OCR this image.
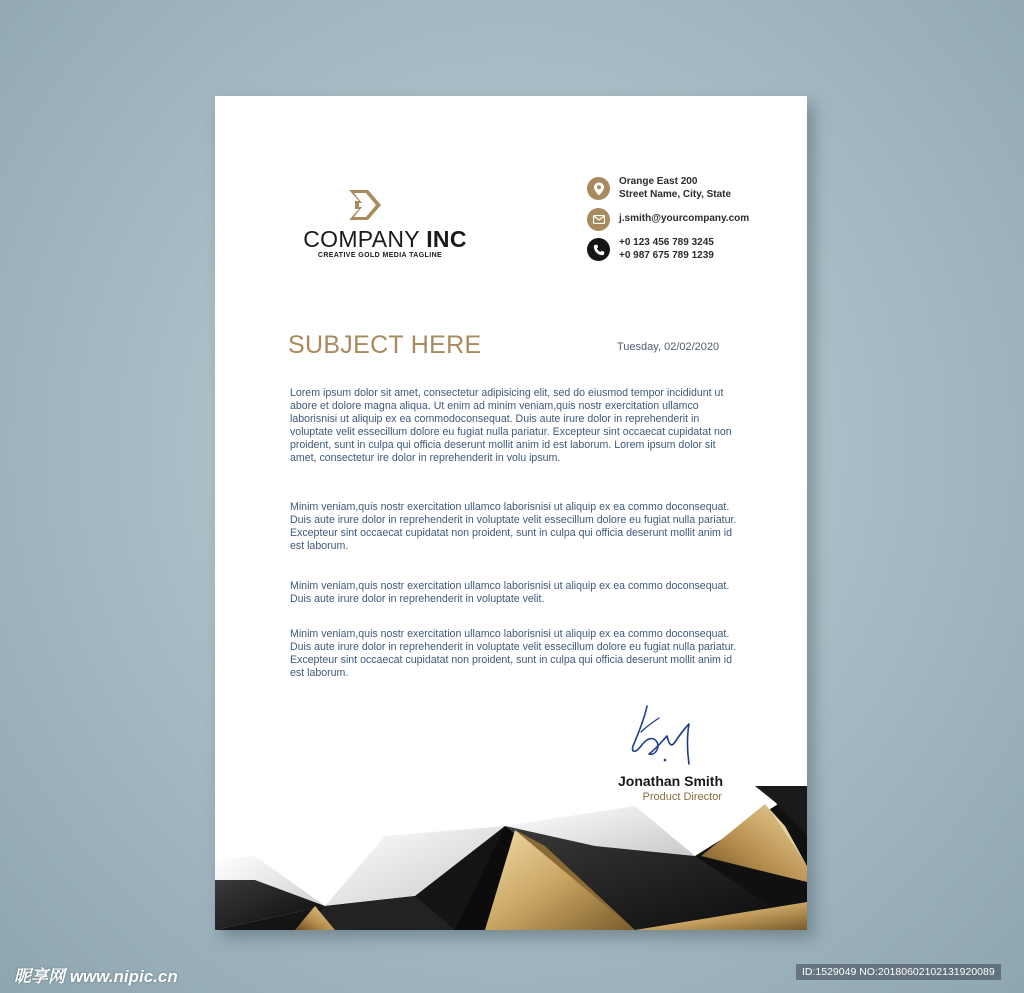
COMPANY INC
CREATIVE GOLD MEDIA TAGLINE
Orange East 200
Street Name, City, State
j.smith@yourcompany.com
+0 123 456 789 3245
+0 987 675 789 1239
SUBJECT HERE	Tuesday, 02/02/2020
Lorem ipsum dolor sit amet, consectetur adipisicing elit, sed do eiusmod tempor incididunt ut abore et dolore magna aliqua. Ut enim ad minim veniam,quis nostr exercitation ullamco laborisnisi ut aliquip ex ea commodoconsequat. Duis aute irure dolor in reprehenderit in voluptate velit essecillum dolore eu fugiat nulla pariatur. Excepteur sint occaecat cupidatat non proident, sunt in culpa qui officia deserunt mollit anim id est laborum. Lorem ipsum dolor sit amet, consectetur ire dolor in reprehenderit in volu ipsum.
Minim veniam,quis nostr exercitation ullamco laborisnisi ut aliquip ex ea commo doconsequat. Duis aute irure dolor in reprehenderit in voluptate velit essecillum dolore eu fugiat nulla pariatur. Excepteur sint occaecat cupidatat non proident, sunt in culpa qui officia deserunt mollit anim id est laborum.
Minim veniam,quis nostr exercitation ullamco laborisnisi ut aliquip ex ea commo doconsequat. Duis aute irure dolor in reprehenderit in voluptate velit.
Minim veniam,quis nostr exercitation ullamco laborisnisi ut aliquip ex ea commo doconsequat. Duis aute irure dolor in reprehenderit in voluptate velit essecillum dolore eu fugiat nulla pariatur. Excepteur sint occaecat cupidatat non proident, sunt in culpa qui officia deserunt mollit anim id est laborum.
Jonathan Smith
Product Director
昵享网 www.nipic.cn	ID:1529049 NO:20180602102131920089
